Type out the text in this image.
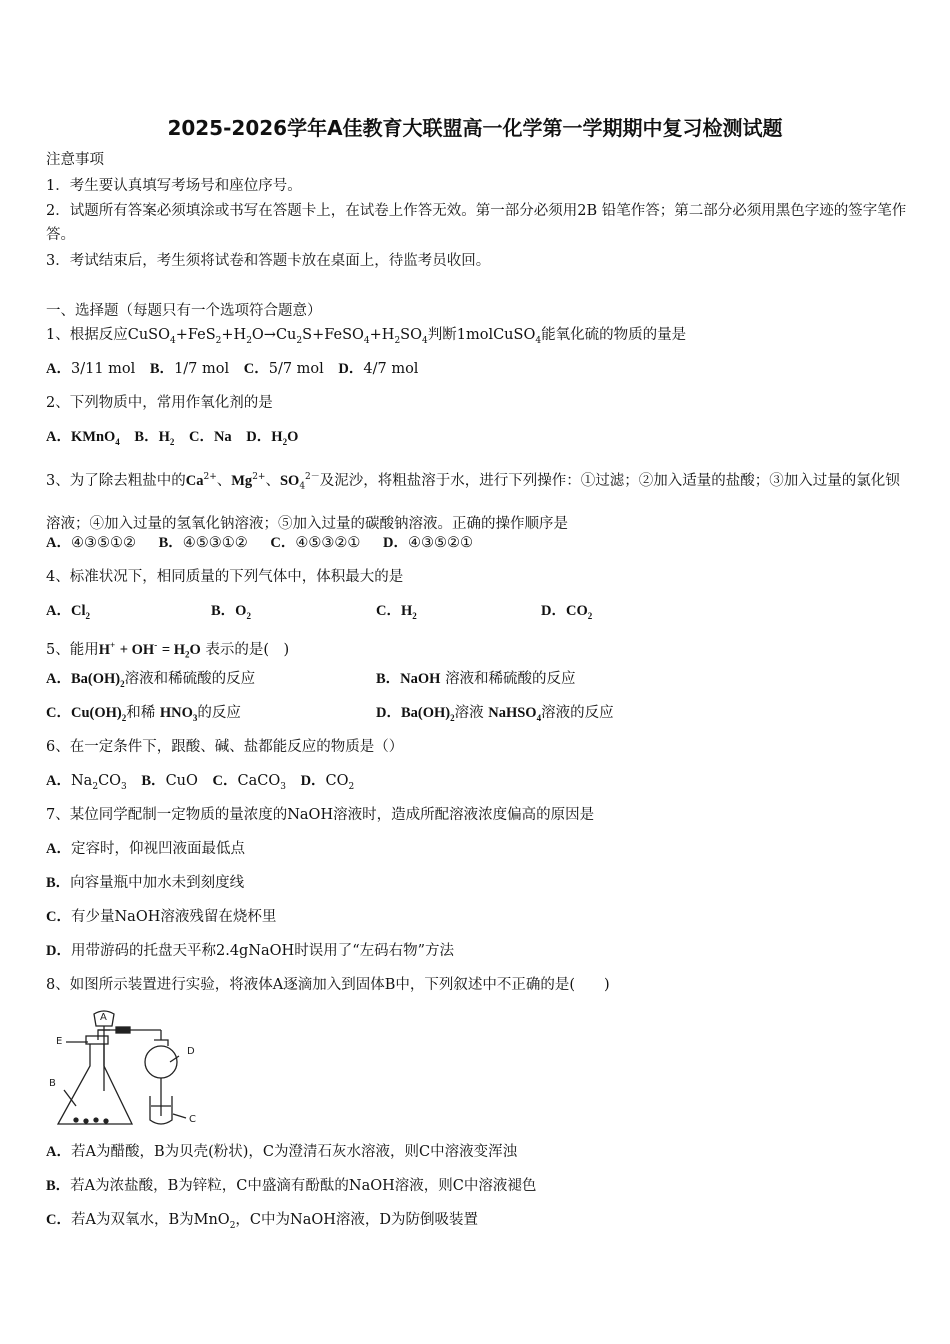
2025-2026学年A佳教育大联盟高一化学第一学期期中复习检测试题
注意事项
1．考生要认真填写考场号和座位序号。
2．试题所有答案必须填涂或书写在答题卡上，在试卷上作答无效。第一部分必须用2B 铅笔作答；第二部分必须用黑色字迹的签字笔作答。
3．考试结束后，考生须将试卷和答题卡放在桌面上，待监考员收回。
一、选择题（每题只有一个选项符合题意）
1、根据反应$CuSO_4+FeS_2+H_2O\to Cu_2S+FeSO_4+H_2SO_4$判断1molCuSO$_4$能氧化硫的物质的量是
A．3/11 mol B．1/7 mol C．5/7 mol D．4/7 mol
2、下列物质中，常用作氧化剂的是
A．KMnO$_4$ B．$H_2$ C．Na D．$H_2O$
3、为了除去粗盐中的$Ca^{2+}$、$Mg^{2+}$、$SO_4^{2-}$及泥沙，将粗盐溶于水，进行下列操作：①过滤；②加入适量的盐酸；③加入过量的氯化钡溶液；④加入过量的氢氧化钠溶液；⑤加入过量的碳酸钠溶液。正确的操作顺序是
A．④③⑤①② B．④⑤③①② C．④⑤③②① D．④③⑤②①
4、标准状况下，相同质量的下列气体中，体积最大的是
A．$Cl_2$	B．$O_2$	C．$H_2$	D．$CO_2$
5、能用$H^+ + OH^- = H_2O$ 表示的是(　)
A．$Ba(OH)_2$溶液和稀硫酸的反应	B．NaOH 溶液和稀硫酸的反应
C．$Cu(OH)_2$和稀 $HNO_3$的反应	D．$Ba(OH)_2$溶液 NaHSO$_4$溶液的反应
6、在一定条件下，跟酸、碱、盐都能反应的物质是（）
A．$Na_2CO_3$ B．CuO C．CaCO$_3$ D．$CO_2$
7、某位同学配制一定物质的量浓度的NaOH溶液时，造成所配溶液浓度偏高的原因是
A．定容时，仰视凹液面最低点
B．向容量瓶中加水未到刻度线
C．有少量NaOH溶液残留在烧杯里
D．用带游码的托盘天平称2.4gNaOH时误用了“左码右物”方法
8、如图所示装置进行实验，将液体A逐滴加入到固体B中，下列叙述中不正确的是(　　)
A
E
B
D
C
A．若A为醋酸，B为贝壳(粉状)，C为澄清石灰水溶液，则C中溶液变浑浊
B．若A为浓盐酸，B为锌粒，C中盛滴有酚酞的NaOH溶液，则C中溶液褪色
C．若A为双氧水，B为MnO$_2$，C中为NaOH溶液，D为防倒吸装置
